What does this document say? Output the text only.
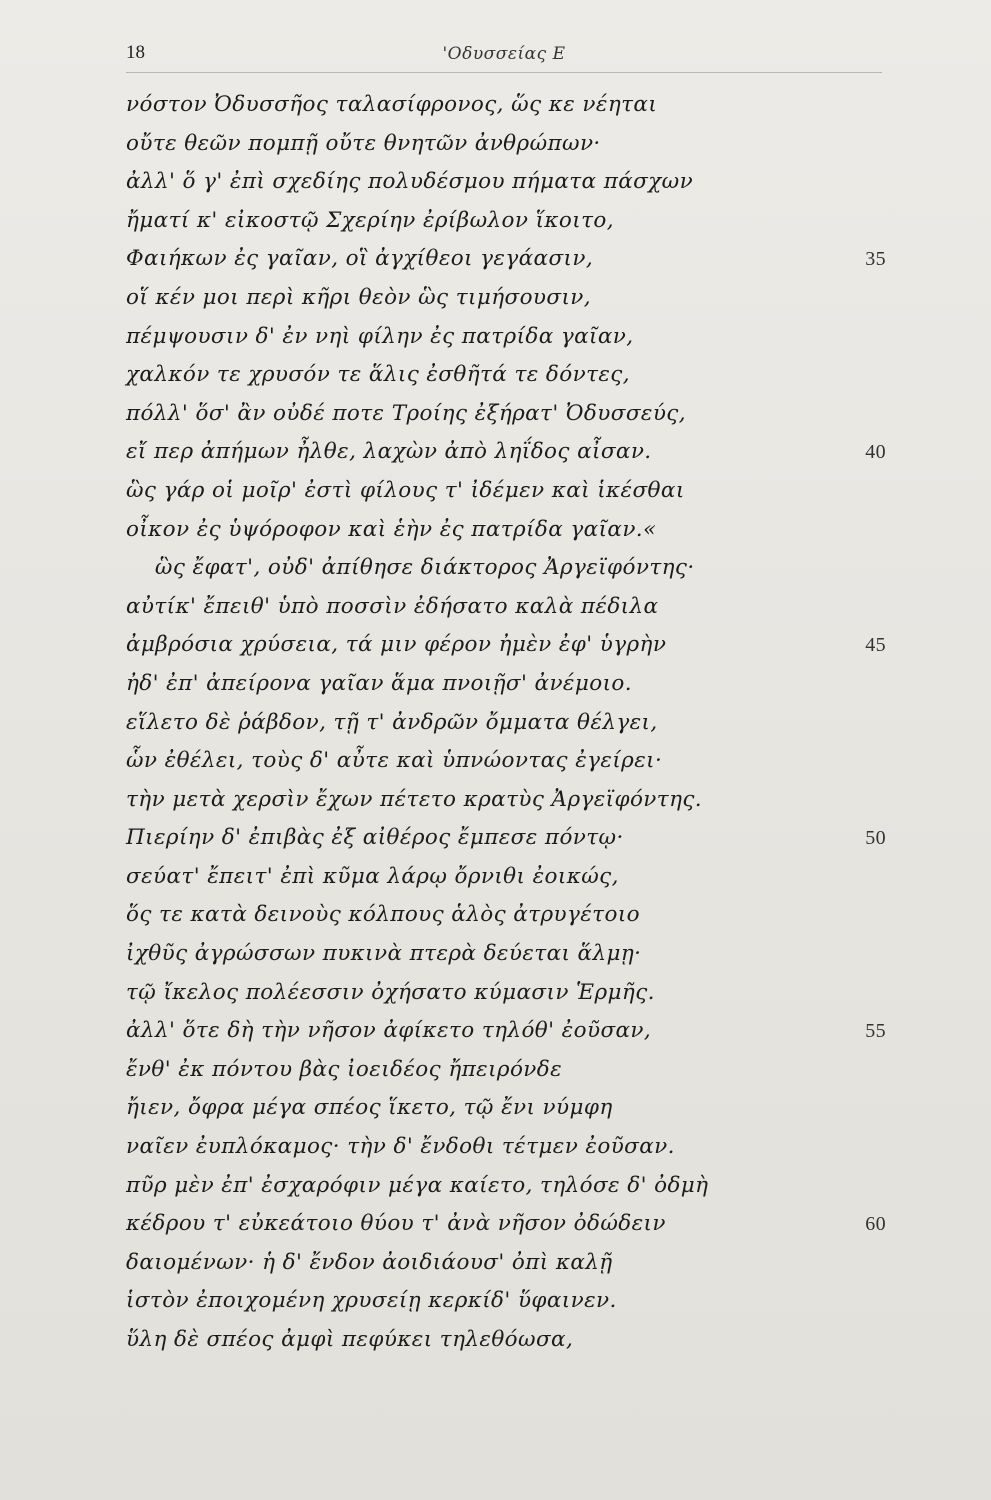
18	'Οδυσσείας Ε
νόστον Ὀδυσσῆος ταλασίφρονος, ὥς κε νέηται
οὔτε θεῶν πομπῇ οὔτε θνητῶν ἀνθρώπων·
ἀλλ' ὅ γ' ἐπὶ σχεδίης πολυδέσμου πήματα πάσχων
ἤματί κ' εἰκοστῷ Σχερίην ἐρίβωλον ἵκοιτο,
Φαιήκων ἐς γαῖαν, οἳ ἀγχίθεοι γεγάασιν,	35
οἵ κέν μοι περὶ κῆρι θεὸν ὣς τιμήσουσιν,
πέμψουσιν δ' ἐν νηὶ φίλην ἐς πατρίδα γαῖαν,
χαλκόν τε χρυσόν τε ἅλις ἐσθῆτά τε δόντες,
πόλλ' ὅσ' ἂν οὐδέ ποτε Τροίης ἐξήρατ' Ὀδυσσεύς,
εἴ περ ἀπήμων ἦλθε, λαχὼν ἀπὸ ληΐδος αἶσαν.	40
ὣς γάρ οἱ μοῖρ' ἐστὶ φίλους τ' ἰδέμεν καὶ ἱκέσθαι
οἶκον ἐς ὑψόροφον καὶ ἑὴν ἐς πατρίδα γαῖαν.«
ὣς ἔφατ', οὐδ' ἀπίθησε διάκτορος Ἀργεϊφόντης·
αὐτίκ' ἔπειθ' ὑπὸ ποσσὶν ἐδήσατο καλὰ πέδιλα
ἀμβρόσια χρύσεια, τά μιν φέρον ἠμὲν ἐφ' ὑγρὴν	45
ἠδ' ἐπ' ἀπείρονα γαῖαν ἅμα πνοιῇσ' ἀνέμοιο.
εἵλετο δὲ ῥάβδον, τῇ τ' ἀνδρῶν ὄμματα θέλγει,
ὧν ἐθέλει, τοὺς δ' αὖτε καὶ ὑπνώοντας ἐγείρει·
τὴν μετὰ χερσὶν ἔχων πέτετο κρατὺς Ἀργεϊφόντης.
Πιερίην δ' ἐπιβὰς ἐξ αἰθέρος ἔμπεσε πόντῳ·	50
σεύατ' ἔπειτ' ἐπὶ κῦμα λάρῳ ὄρνιθι ἐοικώς,
ὅς τε κατὰ δεινοὺς κόλπους ἁλὸς ἀτρυγέτοιο
ἰχθῦς ἀγρώσσων πυκινὰ πτερὰ δεύεται ἅλμῃ·
τῷ ἴκελος πολέεσσιν ὀχήσατο κύμασιν Ἑρμῆς.
ἀλλ' ὅτε δὴ τὴν νῆσον ἀφίκετο τηλόθ' ἐοῦσαν,	55
ἔνθ' ἐκ πόντου βὰς ἰοειδέος ἤπειρόνδε
ἤιεν, ὄφρα μέγα σπέος ἵκετο, τῷ ἔνι νύμφη
ναῖεν ἐυπλόκαμος· τὴν δ' ἔνδοθι τέτμεν ἐοῦσαν.
πῦρ μὲν ἐπ' ἐσχαρόφιν μέγα καίετο, τηλόσε δ' ὀδμὴ
κέδρου τ' εὐκεάτοιο θύου τ' ἀνὰ νῆσον ὀδώδειν	60
δαιομένων· ἡ δ' ἔνδον ἀοιδιάουσ' ὀπὶ καλῇ
ἱστὸν ἐποιχομένη χρυσείῃ κερκίδ' ὕφαινεν.
ὕλη δὲ σπέος ἀμφὶ πεφύκει τηλεθόωσα,
